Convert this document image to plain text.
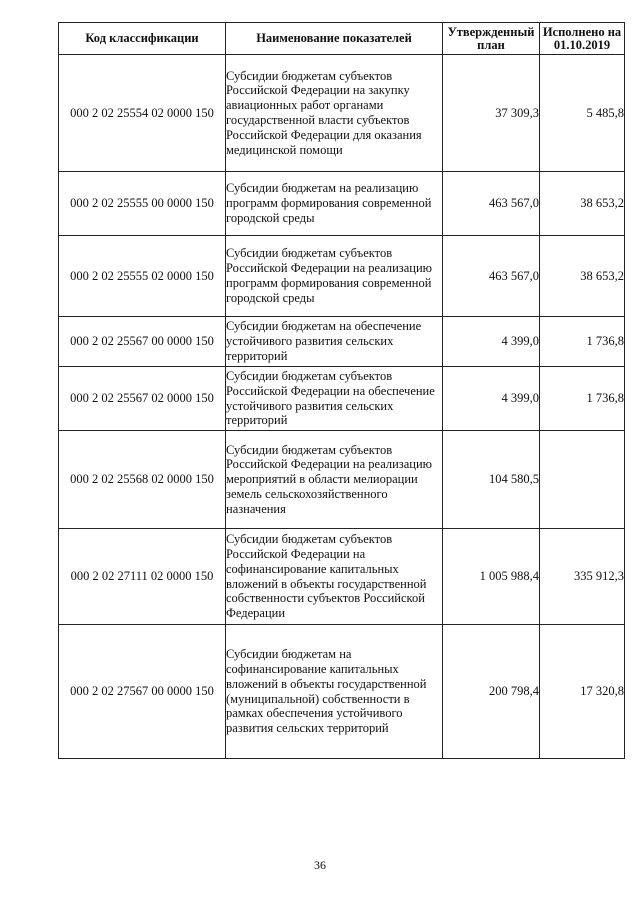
Код классификации	Наименование показателей	Утвержденный план	Исполнено на 01.10.2019
000 2 02 25554 02 0000 150	Субсидии бюджетам субъектов Российской Федерации на закупку авиационных работ органами государственной власти субъектов Российской Федерации для оказания медицинской помощи	37 309,3	5 485,8
000 2 02 25555 00 0000 150	Субсидии бюджетам на реализацию программ формирования современной городской среды	463 567,0	38 653,2
000 2 02 25555 02 0000 150	Субсидии бюджетам субъектов Российской Федерации на реализацию программ формирования современной городской среды	463 567,0	38 653,2
000 2 02 25567 00 0000 150	Субсидии бюджетам на обеспечение устойчивого развития сельских территорий	4 399,0	1 736,8
000 2 02 25567 02 0000 150	Субсидии бюджетам субъектов Российской Федерации на обеспечение устойчивого развития сельских территорий	4 399,0	1 736,8
000 2 02 25568 02 0000 150	Субсидии бюджетам субъектов Российской Федерации на реализацию мероприятий в области мелиорации земель сельскохозяйственного назначения	104 580,5	
000 2 02 27111 02 0000 150	Субсидии бюджетам субъектов Российской Федерации на софинансирование капитальных вложений в объекты государственной собственности субъектов Российской Федерации	1 005 988,4	335 912,3
000 2 02 27567 00 0000 150	Субсидии бюджетам на софинансирование капитальных вложений в объекты государственной (муниципальной) собственности в рамках обеспечения устойчивого развития сельских территорий	200 798,4	17 320,8
36
